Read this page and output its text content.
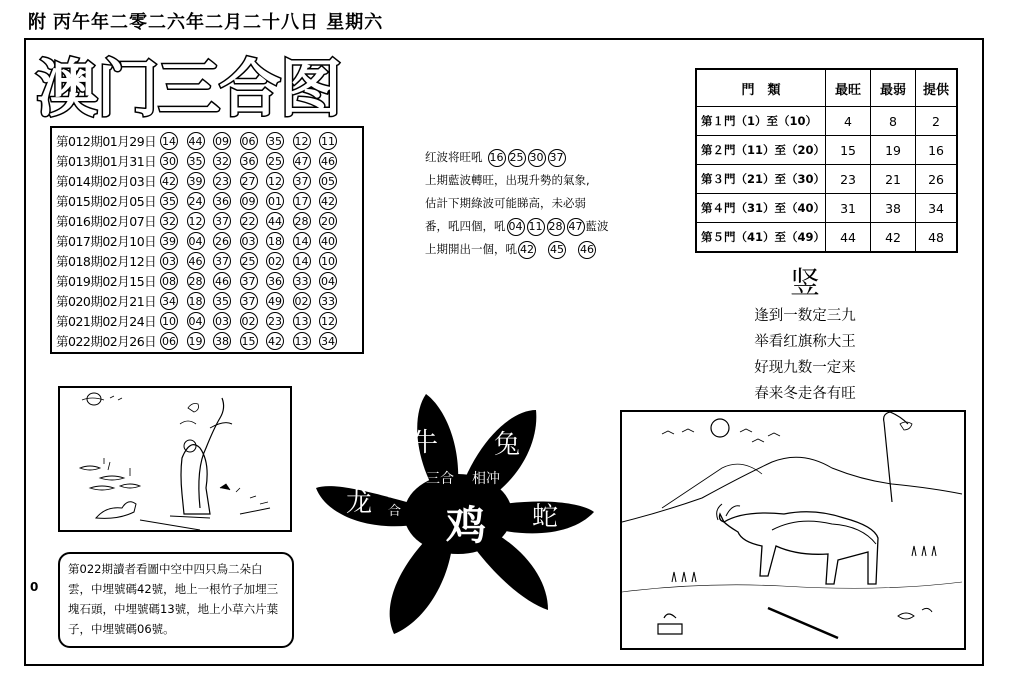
附 丙午年二零二六年二月二十八日 星期六
澳门三合图
第012期01月29日 14 44 09 06 35 12 11
第013期01月31日 30 35 32 36 25 47 46
第014期02月03日 42 39 23 27 12 37 05
第015期02月05日 35 24 36 09 01 17 42
第016期02月07日 32 12 37 22 44 28 20
第017期02月10日 39 04 26 03 18 14 40
第018期02月12日 03 46 37 25 02 14 10
第019期02月15日 08 28 46 37 36 33 04
第020期02月21日 34 18 35 37 49 02 33
第021期02月24日 10 04 03 02 23 13 12
第022期02月26日 06 19 38 15 42 13 34
红波将旺吼 16 25 30 37
上期藍波轉旺，出現升勢的氣象,
估計下期綠波可能睇高，未必弱
番，吼四個，吼 04 11 28 47 藍波
上期開出一個，吼 42 45 46
門　類	最旺	最弱	提供
第１門（1）至（10）	4	8	2
第２門（11）至（20）	15	19	16
第３門（21）至（30）	23	21	26
第４門（31）至（40）	31	38	34
第５門（41）至（49）	44	42	48
竖
逢到一数定三九
举看红旗称大王
好现九数一定来
春来冬走各有旺
牛 兔
龙	蛇
鸡
三合 相冲
六
合
0
第022期讀者看圖中空中四只鳥二朵白雲，中埋號碼42號，地上一根竹子加埋三塊石頭，中埋號碼13號，地上小草六片葉子，中埋號碼06號。
